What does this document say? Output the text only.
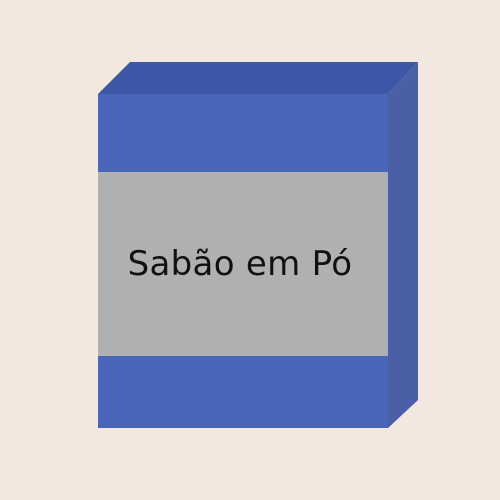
Sabão em Pó
